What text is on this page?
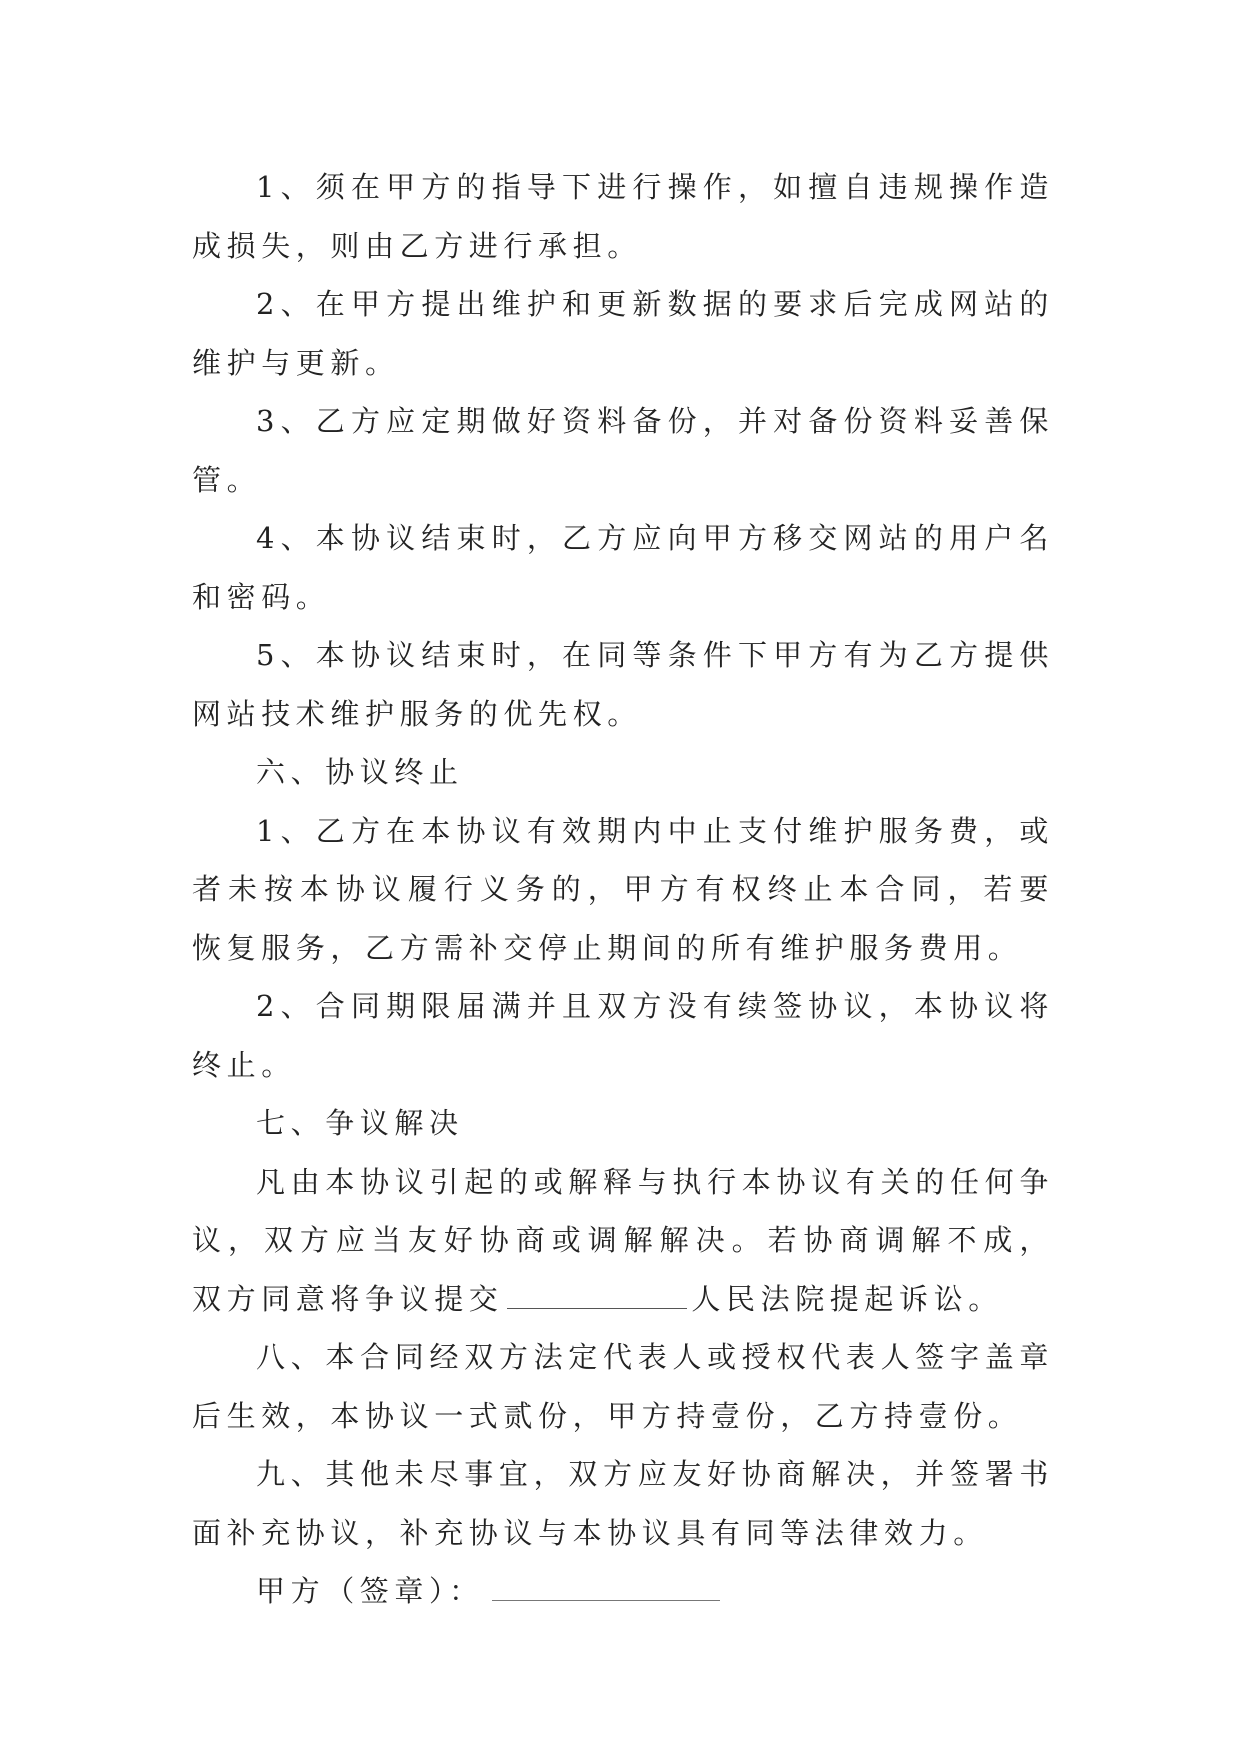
1、须在甲方的指导下进行操作，如擅自违规操作造成损失，则由乙方进行承担。

2、在甲方提出维护和更新数据的要求后完成网站的维护与更新。

3、乙方应定期做好资料备份，并对备份资料妥善保管。

4、本协议结束时，乙方应向甲方移交网站的用户名和密码。

5、本协议结束时，在同等条件下甲方有为乙方提供网站技术维护服务的优先权。

六、协议终止

1、乙方在本协议有效期内中止支付维护服务费，或者未按本协议履行义务的，甲方有权终止本合同，若要恢复服务，乙方需补交停止期间的所有维护服务费用。

2、合同期限届满并且双方没有续签协议，本协议将终止。

七、争议解决

凡由本协议引起的或解释与执行本协议有关的任何争议，双方应当友好协商或调解解决。若协商调解不成，双方同意将争议提交	人民法院提起诉讼。

八、本合同经双方法定代表人或授权代表人签字盖章后生效，本协议一式贰份，甲方持壹份，乙方持壹份。

九、其他未尽事宜，双方应友好协商解决，并签署书面补充协议，补充协议与本协议具有同等法律效力。

甲方（签章）：
